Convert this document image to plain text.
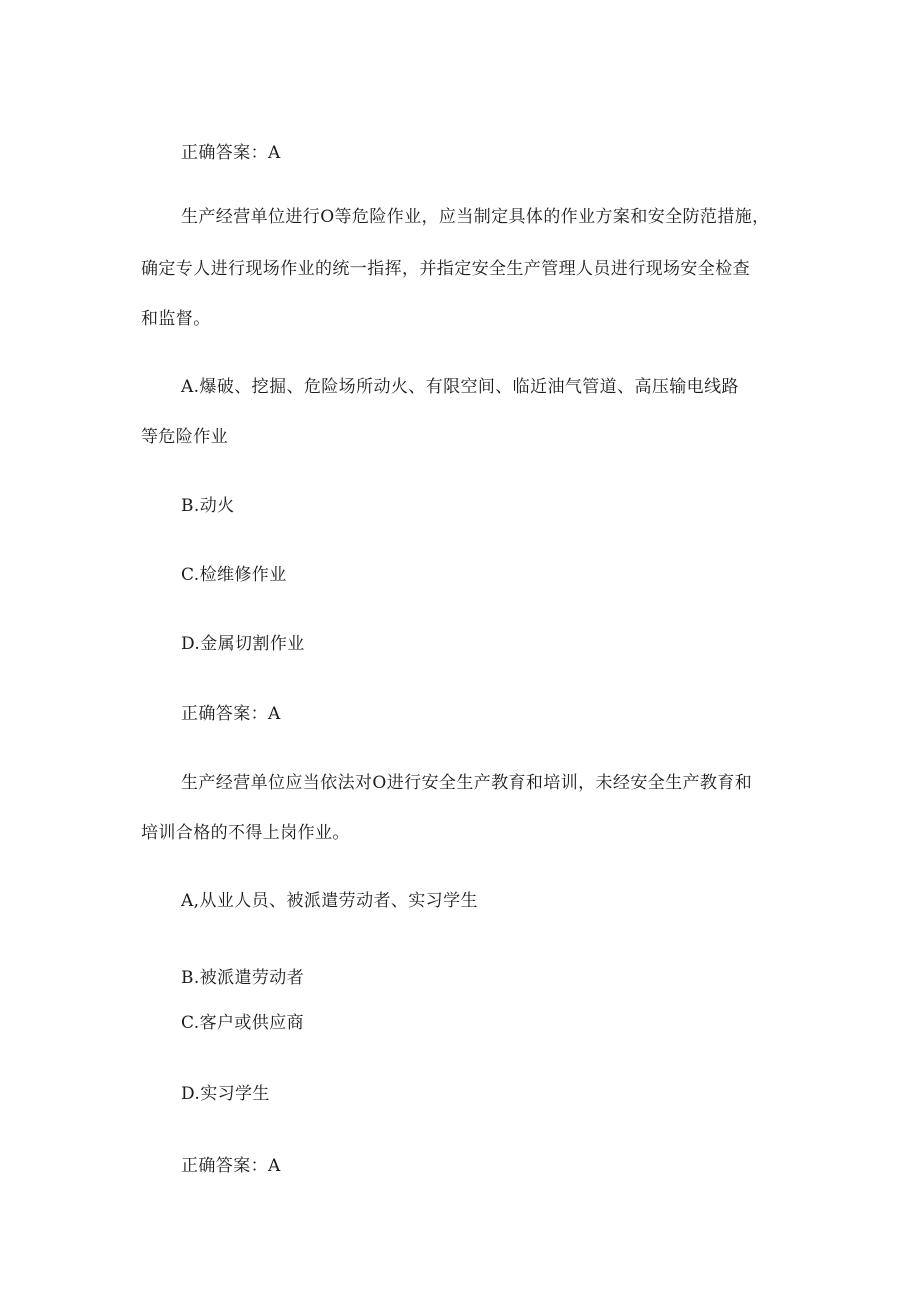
正确答案：A
生产经营单位进行O等危险作业，应当制定具体的作业方案和安全防范措施，
确定专人进行现场作业的统一指挥，并指定安全生产管理人员进行现场安全检查
和监督。
A.爆破、挖掘、危险场所动火、有限空间、临近油气管道、高压输电线路
等危险作业
B.动火
C.检维修作业
D.金属切割作业
正确答案：A
生产经营单位应当依法对O进行安全生产教育和培训，未经安全生产教育和
培训合格的不得上岗作业。
A,从业人员、被派遣劳动者、实习学生
B.被派遣劳动者
C.客户或供应商
D.实习学生
正确答案：A
